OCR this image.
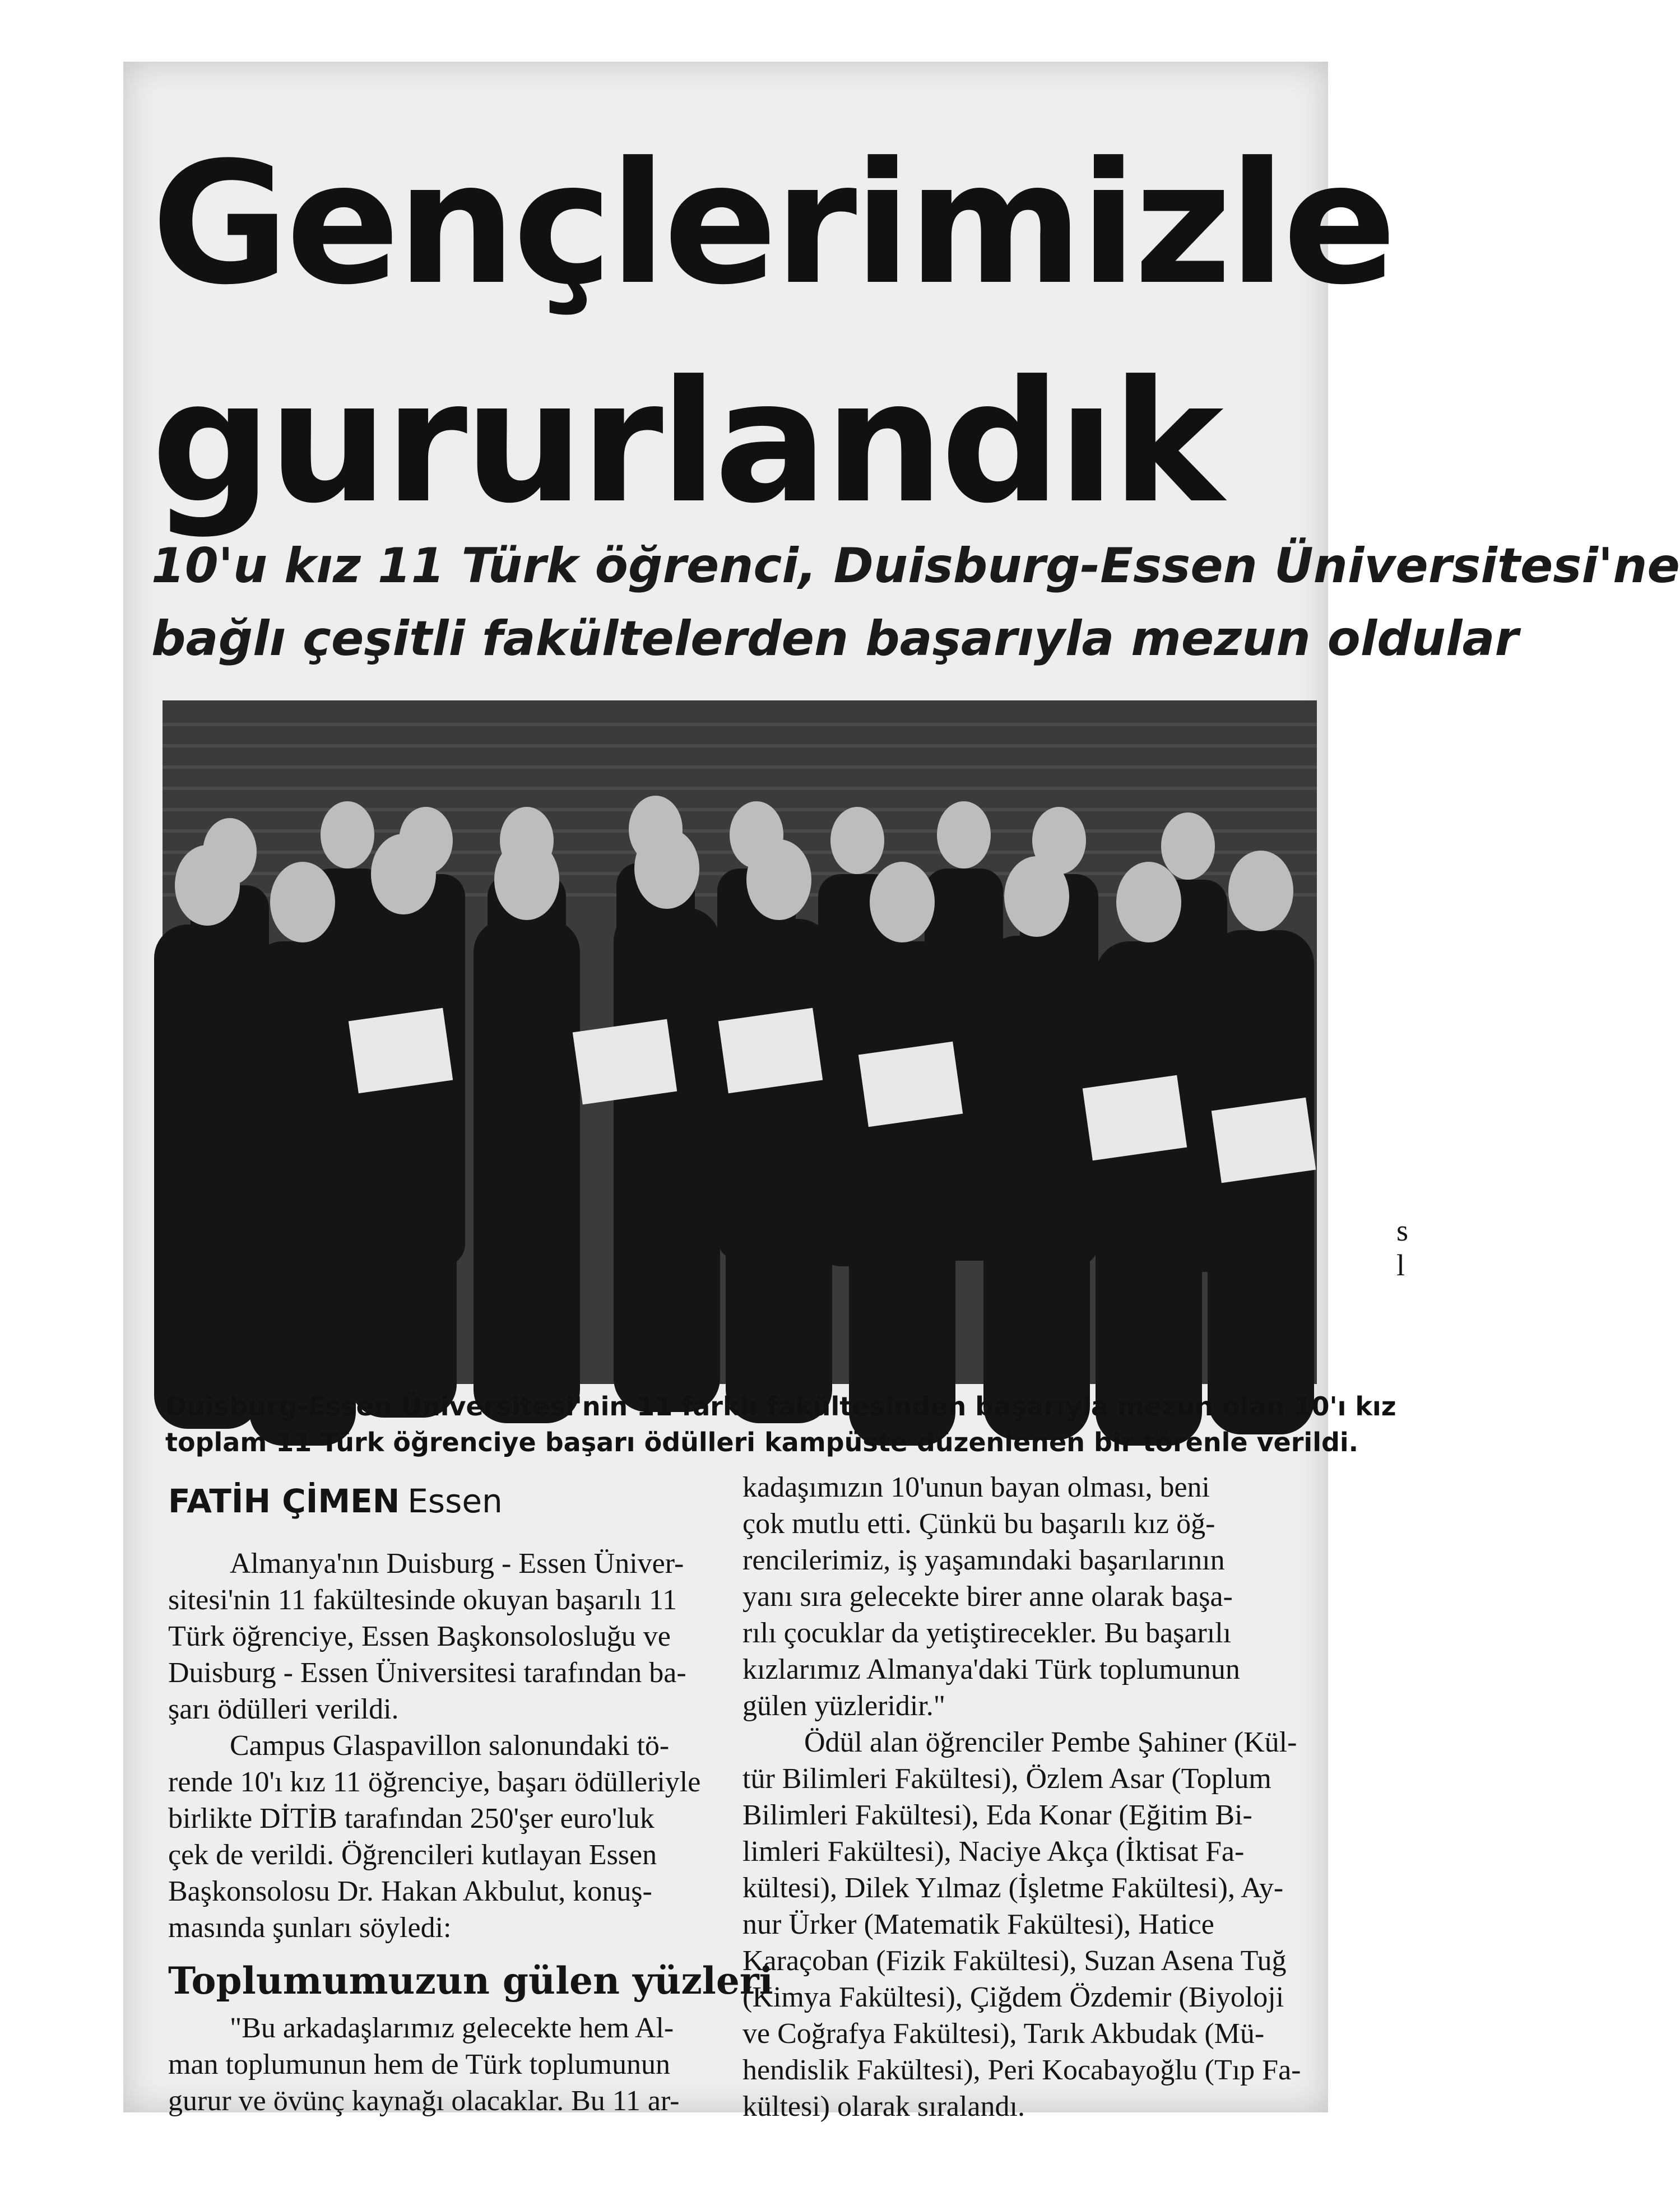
Gençlerimizle
gururlandık
10'u kız 11 Türk öğrenci, Duisburg-Essen Üniversitesi'ne
bağlı çeşitli fakültelerden başarıyla mezun oldular

Duisburg-Essen Üniversitesi'nin 11 farklı fakültesinden başarıyla mezun olan 10'ı kız
toplam 11 Türk öğrenciye başarı ödülleri kampüste düzenlenen bir törenle verildi.

FATİH ÇİMEN Essen

Almanya'nın Duisburg - Essen Üniver-

sitesi'nin 11 fakültesinde okuyan başarılı 11

Türk öğrenciye, Essen Başkonsolosluğu ve

Duisburg - Essen Üniversitesi tarafından ba-

şarı ödülleri verildi.

Campus Glaspavillon salonundaki tö-

rende 10'ı kız 11 öğrenciye, başarı ödülleriyle

birlikte DİTİB tarafından 250'şer euro'luk

çek de verildi. Öğrencileri kutlayan Essen

Başkonsolosu Dr. Hakan Akbulut, konuş-

masında şunları söyledi:

Toplumumuzun gülen yüzleri

"Bu arkadaşlarımız gelecekte hem Al-

man toplumunun hem de Türk toplumunun

gurur ve övünç kaynağı olacaklar. Bu 11 ar-

kadaşımızın 10'unun bayan olması, beni

çok mutlu etti. Çünkü bu başarılı kız öğ-

rencilerimiz, iş yaşamındaki başarılarının

yanı sıra gelecekte birer anne olarak başa-

rılı çocuklar da yetiştirecekler. Bu başarılı

kızlarımız Almanya'daki Türk toplumunun

gülen yüzleridir."

Ödül alan öğrenciler Pembe Şahiner (Kül-

tür Bilimleri Fakültesi), Özlem Asar (Toplum

Bilimleri Fakültesi), Eda Konar (Eğitim Bi-

limleri Fakültesi), Naciye Akça (İktisat Fa-

kültesi), Dilek Yılmaz (İşletme Fakültesi), Ay-

nur Ürker (Matematik Fakültesi), Hatice

Karaçoban (Fizik Fakültesi), Suzan Asena Tuğ

(Kimya Fakültesi), Çiğdem Özdemir (Biyoloji

ve Coğrafya Fakültesi), Tarık Akbudak (Mü-

hendislik Fakültesi), Peri Kocabayoğlu (Tıp Fa-

kültesi) olarak sıralandı.

s
l
